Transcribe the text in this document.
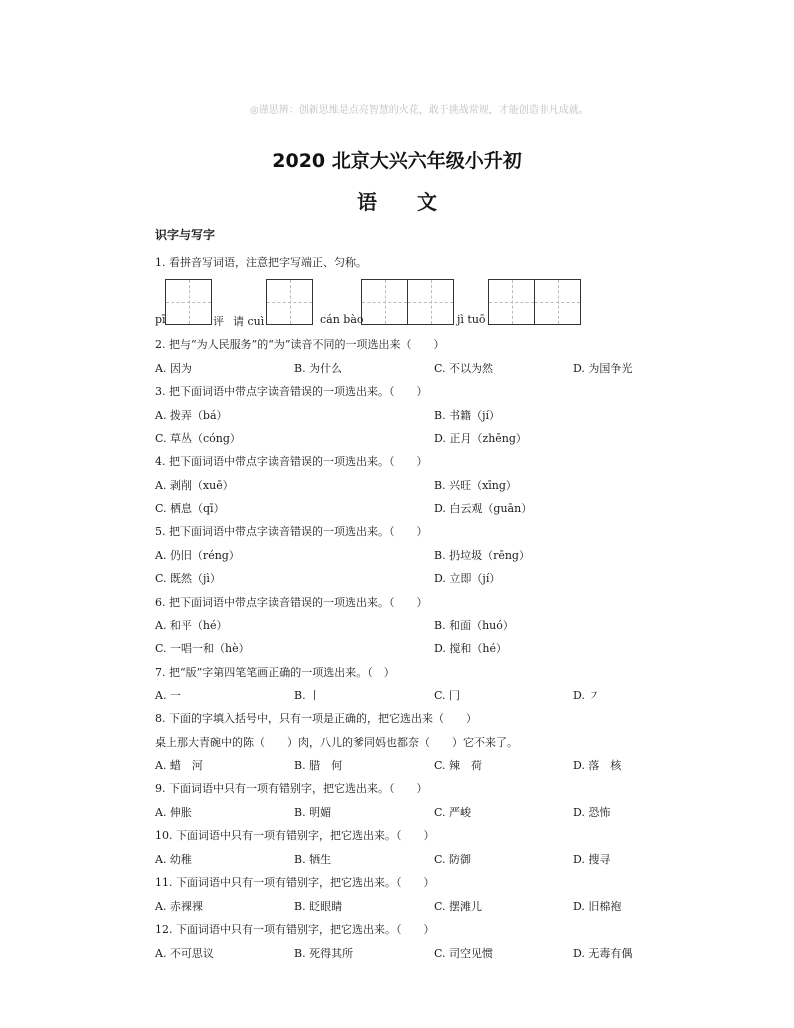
◎谨思辨：创新思维是点亮智慧的火花，敢于挑战常规，才能创造非凡成就。
2020 北京大兴六年级小升初
语文
识字与写字
1. 看拼音写词语，注意把字写端正、匀称。
pī	评 请 cuì	cán bào	jì tuō
2. 把与“为人民服务”的“为”读音不同的一项选出来（　　）
A. 因为	B. 为什么	C. 不以为然	D. 为国争光
3. 把下面词语中带点字读音错误的一项选出来。（　　）
A. 拨弄（bá）	B. 书籍（jí）
C. 草丛（cóng）	D. 正月（zhēng）
4. 把下面词语中带点字读音错误的一项选出来。（　　）
A. 剥削（xuē）	B. 兴旺（xīng）
C. 栖息（qī）	D. 白云观（guān）
5. 把下面词语中带点字读音错误的一项选出来。（　　）
A. 仍旧（réng）	B. 扔垃圾（rēng）
C. 既然（jì）	D. 立即（jí）
6. 把下面词语中带点字读音错误的一项选出来。（　　）
A. 和平（hé）	B. 和面（huó）
C. 一唱一和（hè）	D. 搅和（hé）
7. 把“版”字第四笔笔画正确的一项选出来。（　）
A. 一	B. 丨	C. 冂	D. ㇇
8. 下面的字填入括号中，只有一项是正确的，把它选出来（　　）
桌上那大青碗中的陈（　　）肉，八儿的爹同妈也都奈（　　）它不来了。
A. 蜡　河	B. 腊　何	C. 辣　荷	D. 落　核
9. 下面词语中只有一项有错别字，把它选出来。（　　）
A. 伸胀	B. 明媚	C. 严峻	D. 恐怖
10. 下面词语中只有一项有错别字，把它选出来。（　　）
A. 幼稚	B. 牺生	C. 防御	D. 搜寻
11. 下面词语中只有一项有错别字，把它选出来。（　　）
A. 赤裸裸	B. 眨眼睛	C. 摆滩儿	D. 旧棉袍
12. 下面词语中只有一项有错别字，把它选出来。（　　）
A. 不可思议	B. 死得其所	C. 司空见惯	D. 无毒有偶
